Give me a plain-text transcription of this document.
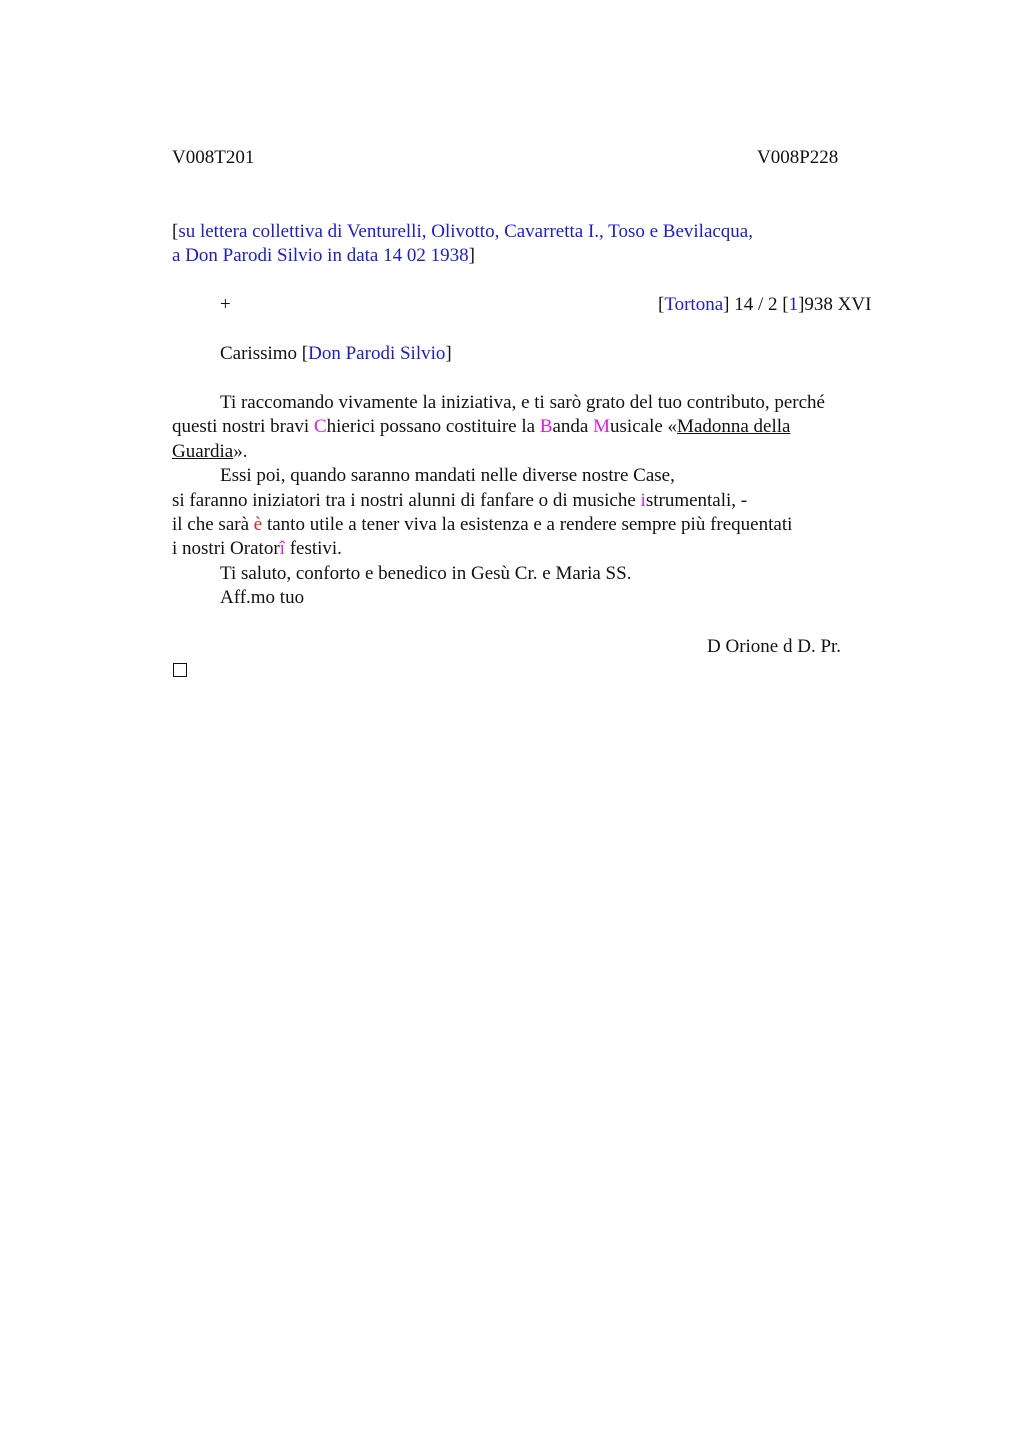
V008T201	V008P228
[su lettera collettiva di Venturelli, Olivotto, Cavarretta I., Toso e Bevilacqua,
a Don Parodi Silvio in data 14 02 1938]
+	[Tortona] 14 / 2 [1]938 XVI
Carissimo [Don Parodi Silvio]
Ti raccomando vivamente la iniziativa, e ti sarò grato del tuo contributo, perché
questi nostri bravi Chierici possano costituire la Banda Musicale «Madonna della
Guardia».
Essi poi, quando saranno mandati nelle diverse nostre Case,
si faranno iniziatori tra i nostri alunni di fanfare o di musiche istrumentali, -
il che sarà è tanto utile a tener viva la esistenza e a rendere sempre più frequentati
i nostri Oratorî festivi.
Ti saluto, conforto e benedico in Gesù Cr. e Maria SS.
Aff.mo tuo
D Orione d D. Pr.
